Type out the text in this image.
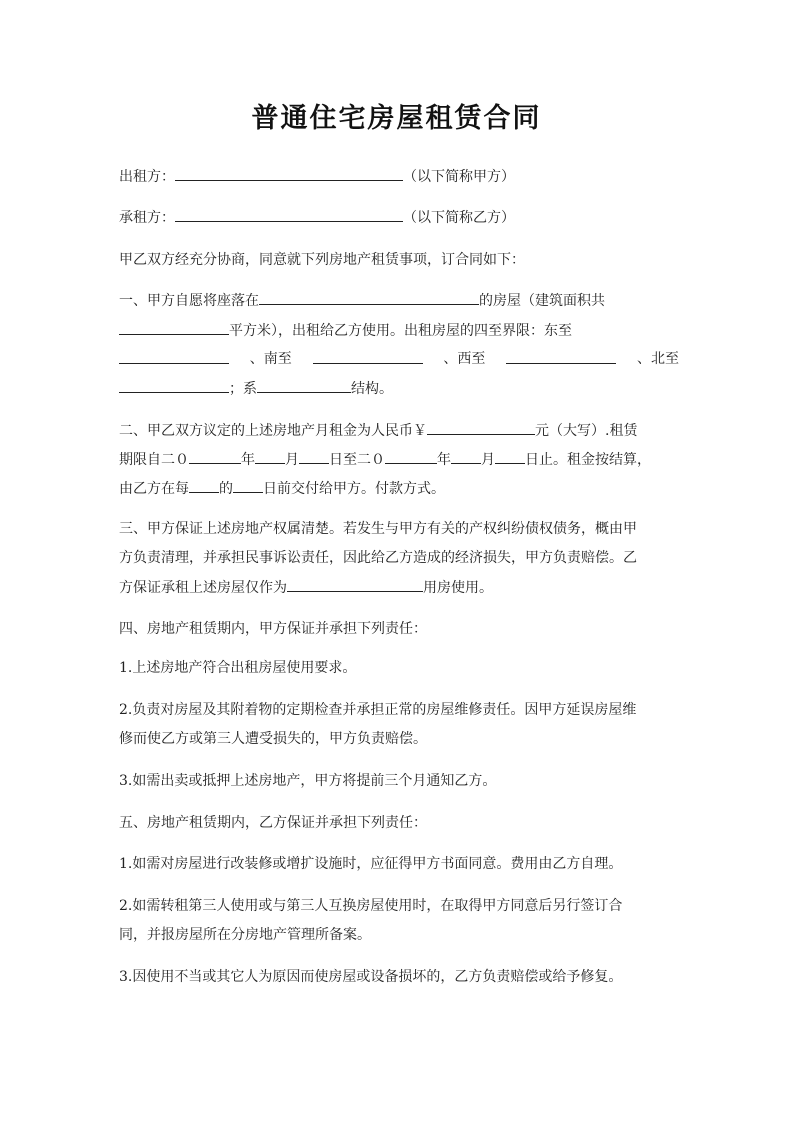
普通住宅房屋租赁合同
出租方：	（以下简称甲方）
承租方：	（以下简称乙方）
甲乙双方经充分协商，同意就下列房地产租赁事项，订合同如下：
一、甲方自愿将座落在	的房屋（建筑面积共
平方米），出租给乙方使用。出租房屋的四至界限：东至
、南至	、西至	、北至
；系	结构。
二、甲乙双方议定的上述房地产月租金为人民币￥	元（大写）.租赁
期限自二０	年 月 日至二０	年 月 日止。租金按结算，
由乙方在每 的 日前交付给甲方。付款方式。
三、甲方保证上述房地产权属清楚。若发生与甲方有关的产权纠纷债权债务，概由甲
方负责清理，并承担民事诉讼责任，因此给乙方造成的经济损失，甲方负责赔偿。乙
方保证承租上述房屋仅作为	用房使用。
四、房地产租赁期内，甲方保证并承担下列责任：
1.上述房地产符合出租房屋使用要求。
2.负责对房屋及其附着物的定期检查并承担正常的房屋维修责任。因甲方延误房屋维
修而使乙方或第三人遭受损失的，甲方负责赔偿。
3.如需出卖或抵押上述房地产，甲方将提前三个月通知乙方。
五、房地产租赁期内，乙方保证并承担下列责任：
1.如需对房屋进行改装修或增扩设施时，应征得甲方书面同意。费用由乙方自理。
2.如需转租第三人使用或与第三人互换房屋使用时，在取得甲方同意后另行签订合
同，并报房屋所在分房地产管理所备案。
3.因使用不当或其它人为原因而使房屋或设备损坏的，乙方负责赔偿或给予修复。
